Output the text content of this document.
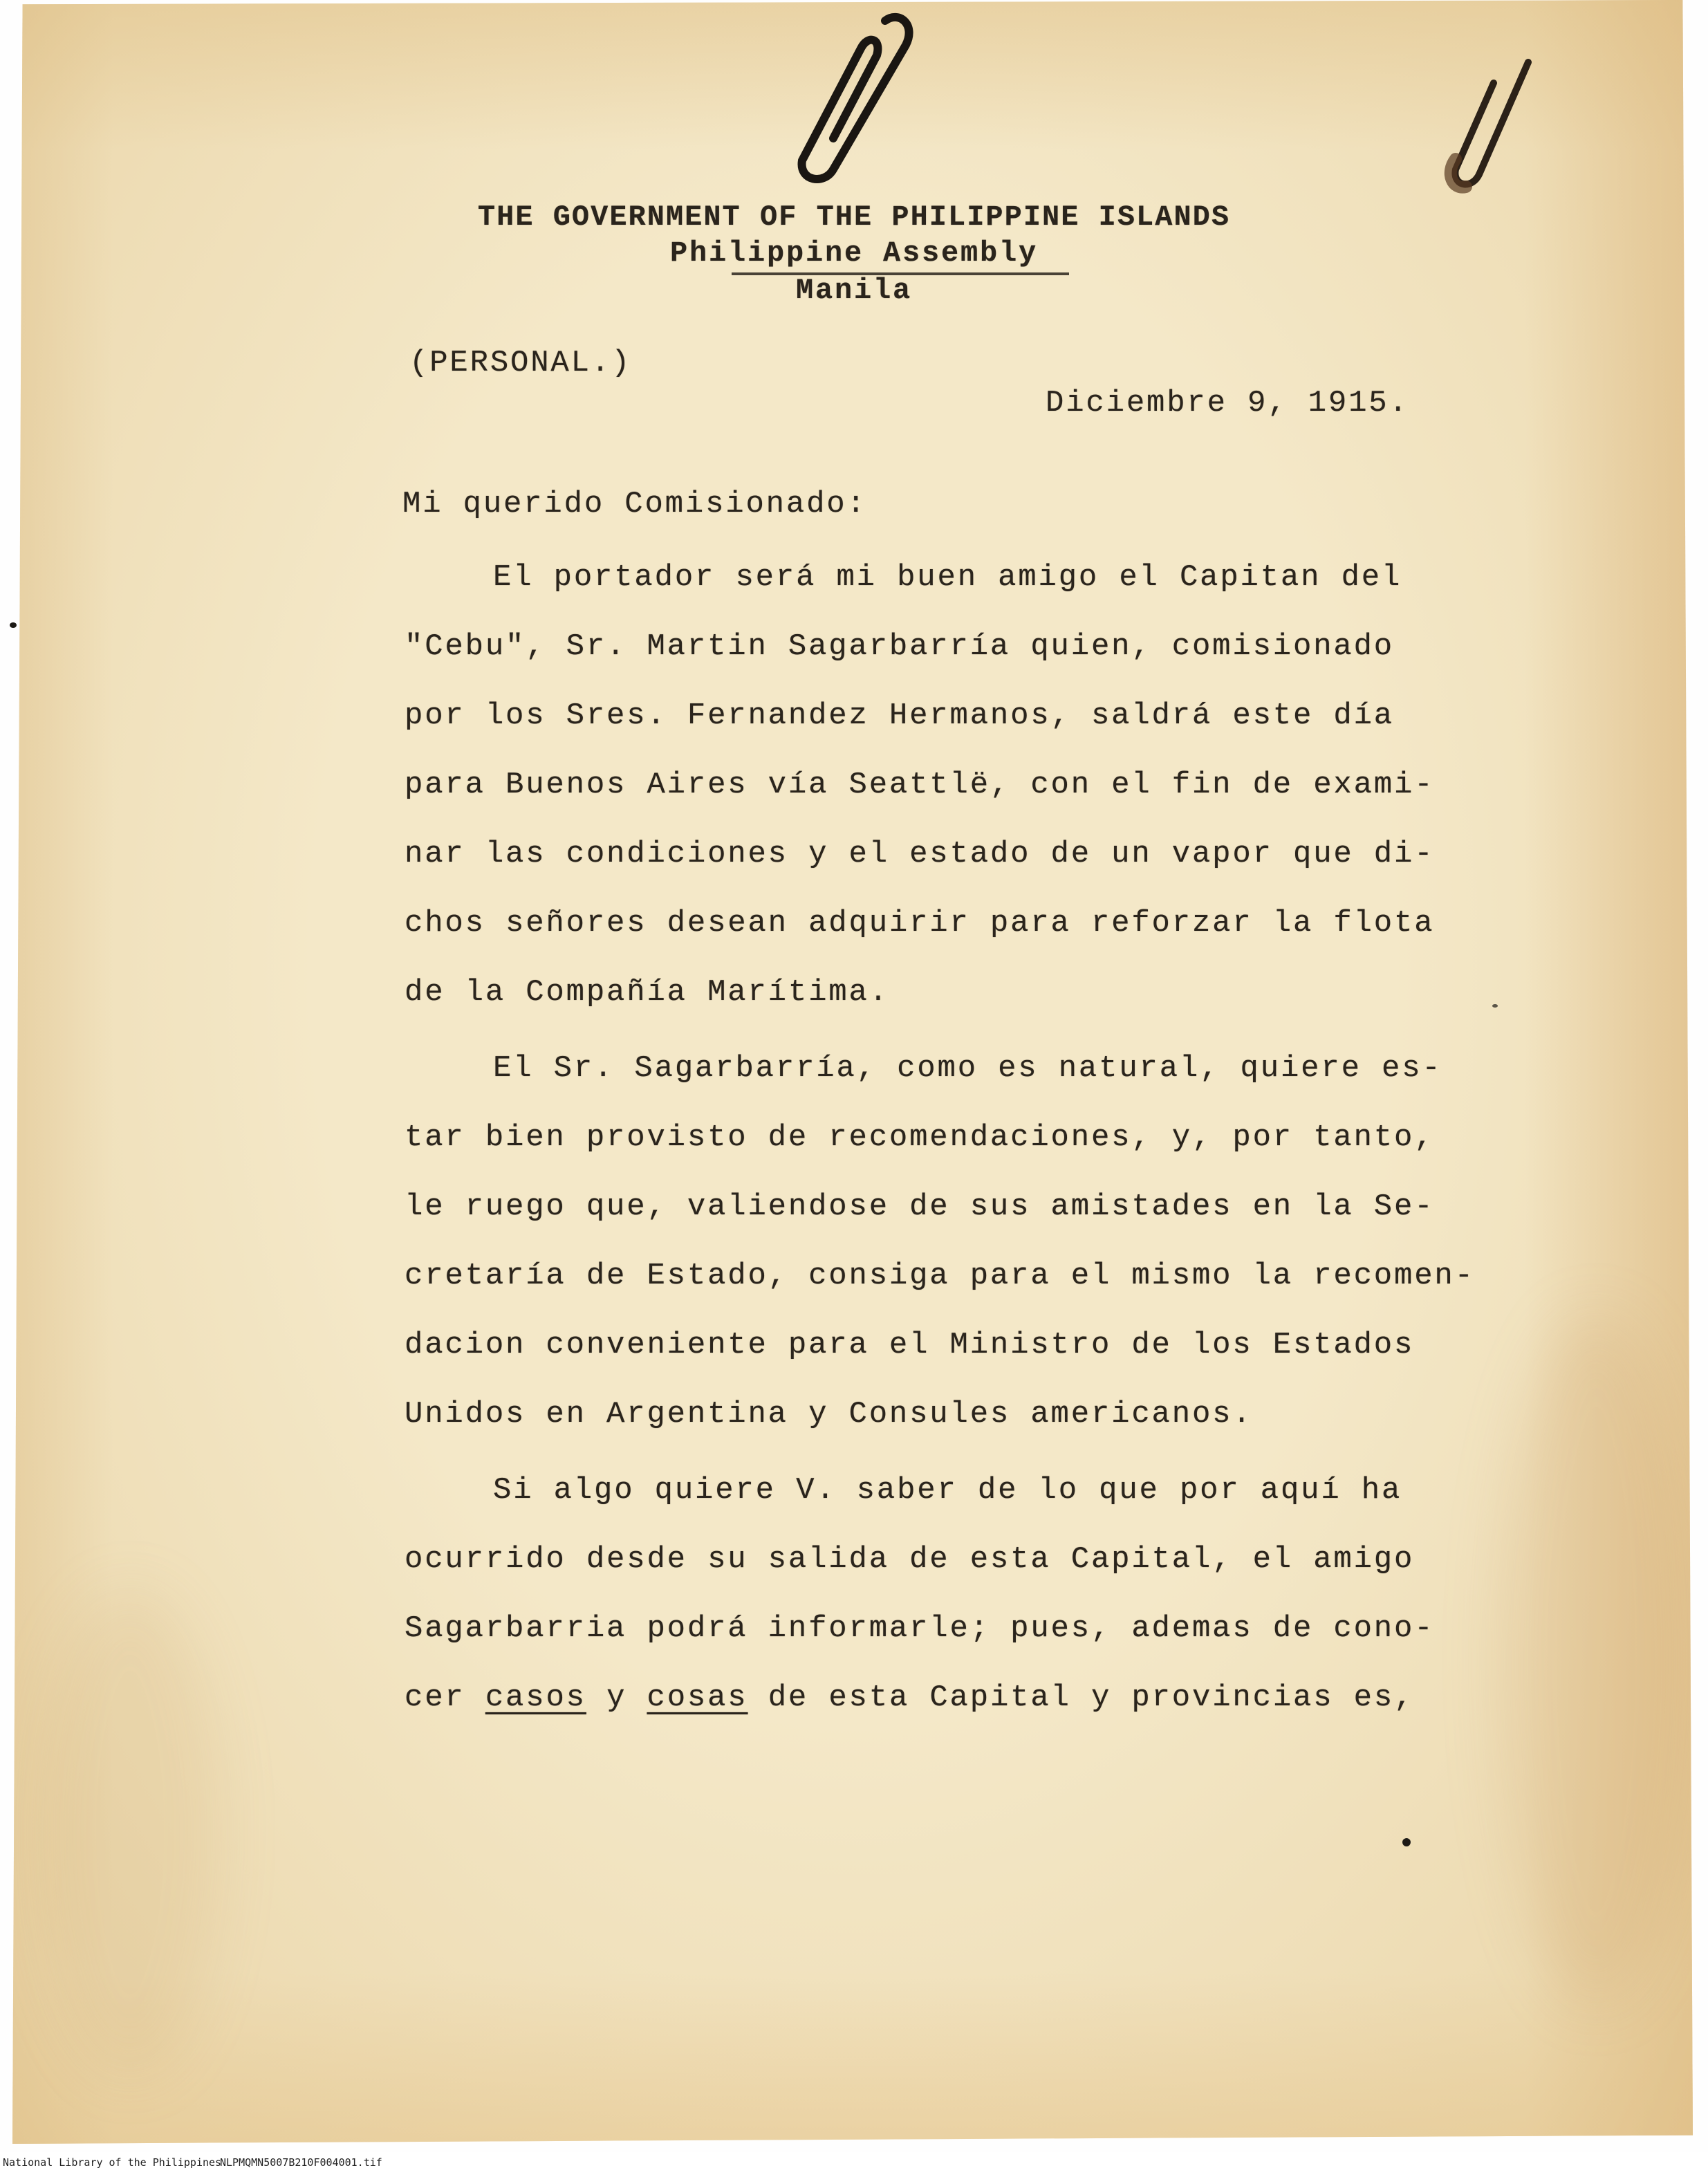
THE GOVERNMENT OF THE PHILIPPINE ISLANDS
Philippine Assembly
Manila
(PERSONAL.)
Diciembre 9, 1915.
Mi querido Comisionado:
El portador será mi buen amigo el Capitan del
"Cebu", Sr. Martin Sagarbarría quien, comisionado
por los Sres. Fernandez Hermanos, saldrá este día
para Buenos Aires vía Seattlë, con el fin de exami-
nar las condiciones y el estado de un vapor que di-
chos señores desean adquirir para reforzar la flota
de la Compañía Marítima.
El Sr. Sagarbarría, como es natural, quiere es-
tar bien provisto de recomendaciones, y, por tanto,
le ruego que, valiendose de sus amistades en la Se-
cretaría de Estado, consiga para el mismo la recomen-
dacion conveniente para el Ministro de los Estados
Unidos en Argentina y Consules americanos.
Si algo quiere V. saber de lo que por aquí ha
ocurrido desde su salida de esta Capital, el amigo
Sagarbarria podrá informarle; pues, ademas de cono-
cer casos y cosas de esta Capital y provincias es,
National Library of the Philippines
NLPMQMN5007B210F004001.tif
